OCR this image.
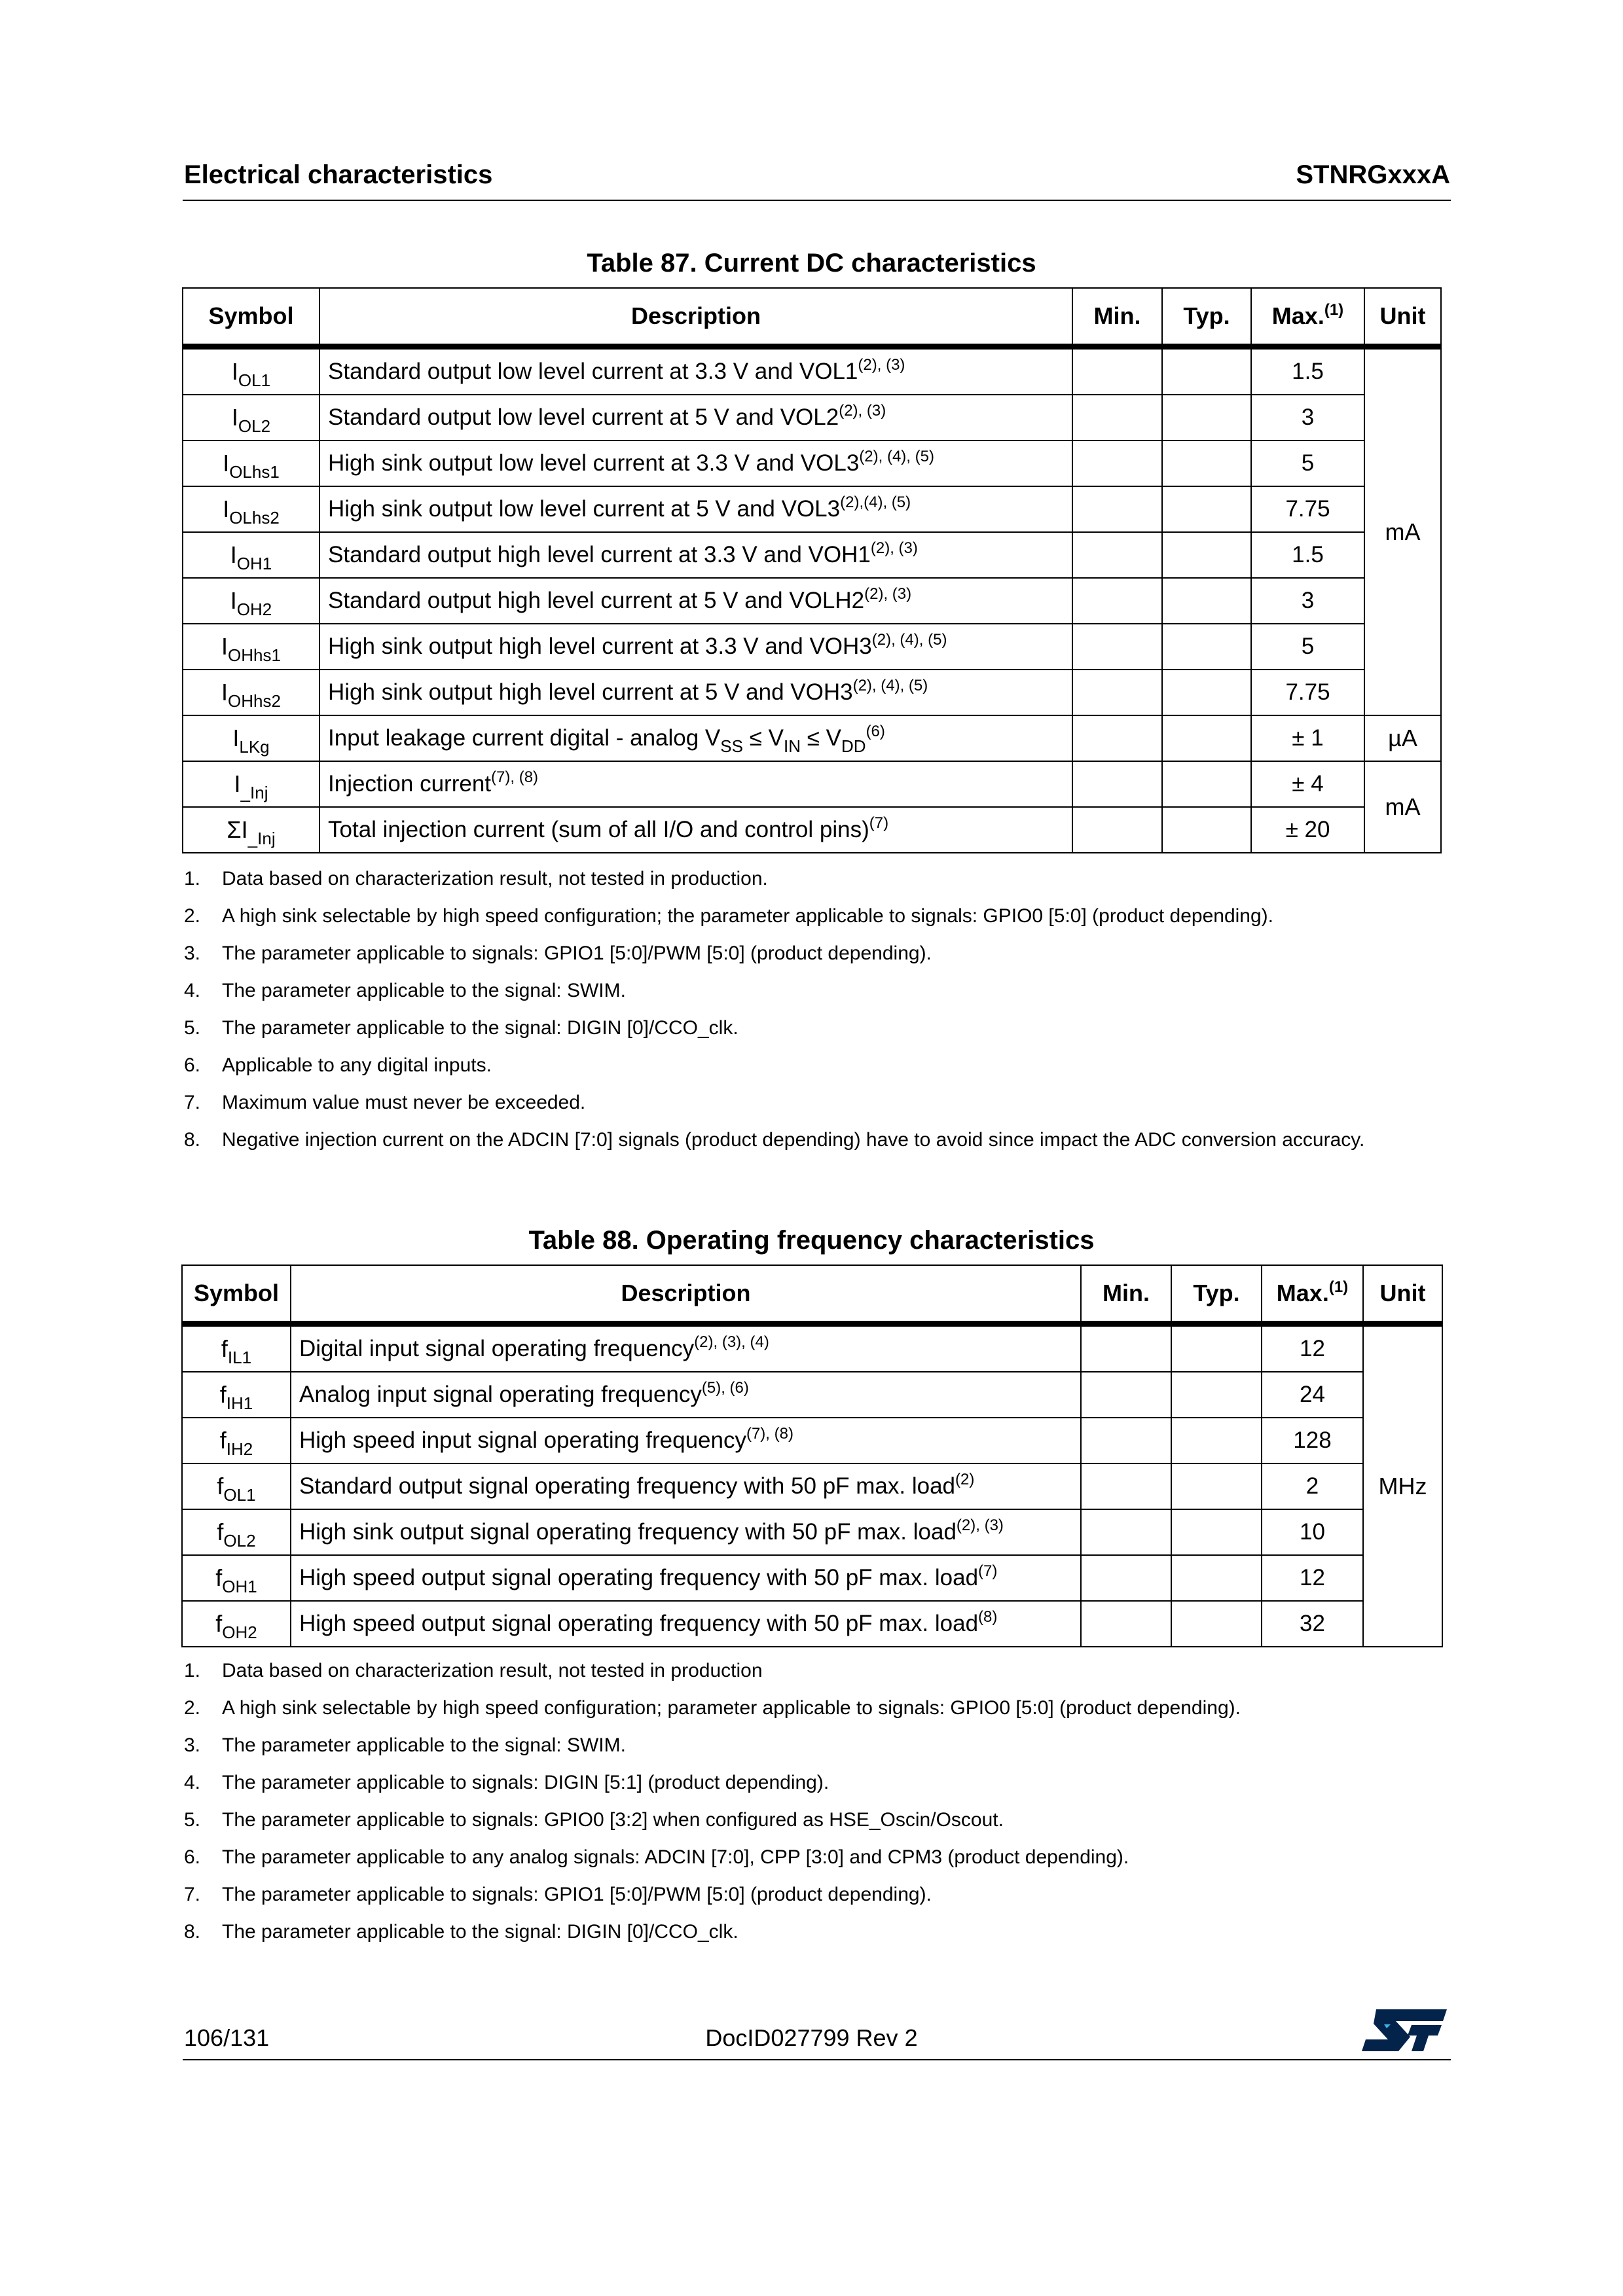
Electrical characteristics	STNRGxxxA
Table 87. Current DC characteristics
Symbol	Description	Min.	Typ.	Max.$^{(1)}$	Unit
$I_{OL1}$	Standard output low level current at 3.3 V and $VOL1^{(2), (3)}$			1.5	mA
$I_{OL2}$	Standard output low level current at 5 V and $VOL2^{(2), (3)}$			3	
$I_{OLhs1}$	High sink output low level current at 3.3 V and $VOL3^{(2), (4), (5)}$			5	
$I_{OLhs2}$	High sink output low level current at 5 V and $VOL3^{(2),(4), (5)}$			7.75	
$I_{OH1}$	Standard output high level current at 3.3 V and $VOH1^{(2), (3)}$			1.5	
$I_{OH2}$	Standard output high level current at 5 V and $VOLH2^{(2), (3)}$			3	
$I_{OHhs1}$	High sink output high level current at 3.3 V and $VOH3^{(2), (4), (5)}$			5	
$I_{OHhs2}$	High sink output high level current at 5 V and $VOH3^{(2), (4), (5)}$			7.75	
$I_{LKg}$	Input leakage current digital - analog $V_{SS} \le V_{IN} \le V_{DD}^{(6)}$			± 1	µA
$I_{\_Inj}$	Injection current$^{(7), (8)}$			± 4	mA
$\Sigma I_{\_Inj}$	Total injection current (sum of all I/O and control pins)$^{(7)}$			± 20	
1.	Data based on characterization result, not tested in production.
2.	A high sink selectable by high speed configuration; the parameter applicable to signals: GPIO0 [5:0] (product depending).
3.	The parameter applicable to signals: GPIO1 [5:0]/PWM [5:0] (product depending).
4.	The parameter applicable to the signal: SWIM.
5.	The parameter applicable to the signal: DIGIN [0]/CCO_clk.
6.	Applicable to any digital inputs.
7.	Maximum value must never be exceeded.
8.	Negative injection current on the ADCIN [7:0] signals (product depending) have to avoid since impact the ADC conversion accuracy.
Table 88. Operating frequency characteristics
Symbol	Description	Min.	Typ.	Max.$^{(1)}$	Unit
$f_{IL1}$	Digital input signal operating frequency$^{(2), (3), (4)}$			12	MHz
$f_{IH1}$	Analog input signal operating frequency$^{(5), (6)}$			24	
$f_{IH2}$	High speed input signal operating frequency$^{(7), (8)}$			128	
$f_{OL1}$	Standard output signal operating frequency with 50 pF max. load$^{(2)}$			2	
$f_{OL2}$	High sink output signal operating frequency with 50 pF max. load$^{(2), (3)}$			10	
$f_{OH1}$	High speed output signal operating frequency with 50 pF max. load$^{(7)}$			12	
$f_{OH2}$	High speed output signal operating frequency with 50 pF max. load$^{(8)}$			32	
1.	Data based on characterization result, not tested in production
2.	A high sink selectable by high speed configuration; parameter applicable to signals: GPIO0 [5:0] (product depending).
3.	The parameter applicable to the signal: SWIM.
4.	The parameter applicable to signals: DIGIN [5:1] (product depending).
5.	The parameter applicable to signals: GPIO0 [3:2] when configured as HSE_Oscin/Oscout.
6.	The parameter applicable to any analog signals: ADCIN [7:0], CPP [3:0] and CPM3 (product depending).
7.	The parameter applicable to signals: GPIO1 [5:0]/PWM [5:0] (product depending).
8.	The parameter applicable to the signal: DIGIN [0]/CCO_clk.
106/131	DocID027799 Rev 2
